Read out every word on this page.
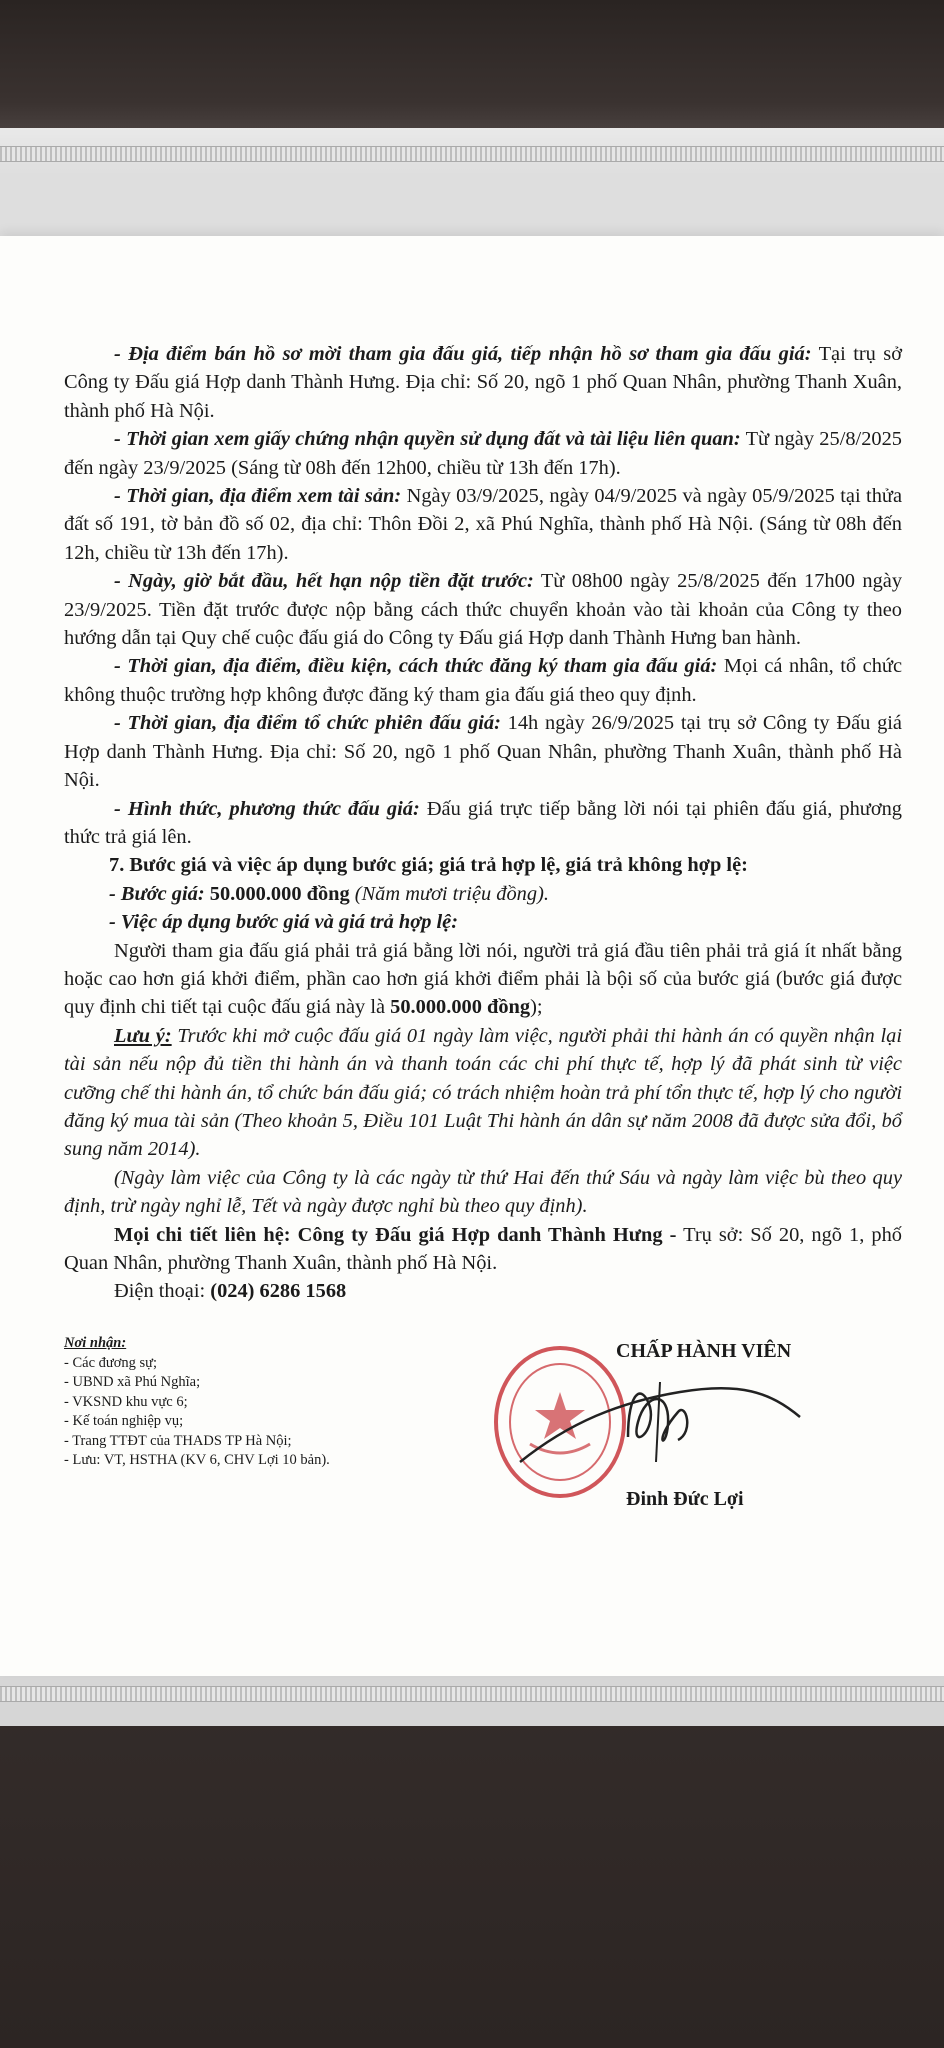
- Địa điểm bán hồ sơ mời tham gia đấu giá, tiếp nhận hồ sơ tham gia đấu giá: Tại trụ sở Công ty Đấu giá Hợp danh Thành Hưng. Địa chỉ: Số 20, ngõ 1 phố Quan Nhân, phường Thanh Xuân, thành phố Hà Nội.

- Thời gian xem giấy chứng nhận quyền sử dụng đất và tài liệu liên quan: Từ ngày 25/8/2025 đến ngày 23/9/2025 (Sáng từ 08h đến 12h00, chiều từ 13h đến 17h).

- Thời gian, địa điểm xem tài sản: Ngày 03/9/2025, ngày 04/9/2025 và ngày 05/9/2025 tại thửa đất số 191, tờ bản đồ số 02, địa chỉ: Thôn Đồi 2, xã Phú Nghĩa, thành phố Hà Nội. (Sáng từ 08h đến 12h, chiều từ 13h đến 17h).

- Ngày, giờ bắt đầu, hết hạn nộp tiền đặt trước: Từ 08h00 ngày 25/8/2025 đến 17h00 ngày 23/9/2025. Tiền đặt trước được nộp bằng cách thức chuyển khoản vào tài khoản của Công ty theo hướng dẫn tại Quy chế cuộc đấu giá do Công ty Đấu giá Hợp danh Thành Hưng ban hành.

- Thời gian, địa điểm, điều kiện, cách thức đăng ký tham gia đấu giá: Mọi cá nhân, tổ chức không thuộc trường hợp không được đăng ký tham gia đấu giá theo quy định.

- Thời gian, địa điểm tổ chức phiên đấu giá: 14h ngày 26/9/2025 tại trụ sở Công ty Đấu giá Hợp danh Thành Hưng. Địa chỉ: Số 20, ngõ 1 phố Quan Nhân, phường Thanh Xuân, thành phố Hà Nội.

- Hình thức, phương thức đấu giá: Đấu giá trực tiếp bằng lời nói tại phiên đấu giá, phương thức trả giá lên.

7. Bước giá và việc áp dụng bước giá; giá trả hợp lệ, giá trả không hợp lệ:

- Bước giá: 50.000.000 đồng (Năm mươi triệu đồng).

- Việc áp dụng bước giá và giá trả hợp lệ:

Người tham gia đấu giá phải trả giá bằng lời nói, người trả giá đầu tiên phải trả giá ít nhất bằng hoặc cao hơn giá khởi điểm, phần cao hơn giá khởi điểm phải là bội số của bước giá (bước giá được quy định chi tiết tại cuộc đấu giá này là 50.000.000 đồng);

Lưu ý: Trước khi mở cuộc đấu giá 01 ngày làm việc, người phải thi hành án có quyền nhận lại tài sản nếu nộp đủ tiền thi hành án và thanh toán các chi phí thực tế, hợp lý đã phát sinh từ việc cưỡng chế thi hành án, tổ chức bán đấu giá; có trách nhiệm hoàn trả phí tổn thực tế, hợp lý cho người đăng ký mua tài sản (Theo khoản 5, Điều 101 Luật Thi hành án dân sự năm 2008 đã được sửa đổi, bổ sung năm 2014).

(Ngày làm việc của Công ty là các ngày từ thứ Hai đến thứ Sáu và ngày làm việc bù theo quy định, trừ ngày nghỉ lễ, Tết và ngày được nghỉ bù theo quy định).

Mọi chi tiết liên hệ: Công ty Đấu giá Hợp danh Thành Hưng - Trụ sở: Số 20, ngõ 1, phố Quan Nhân, phường Thanh Xuân, thành phố Hà Nội.

Điện thoại: (024) 6286 1568

Nơi nhận:
- Các đương sự;
- UBND xã Phú Nghĩa;
- VKSND khu vực 6;
- Kế toán nghiệp vụ;
- Trang TTĐT của THADS TP Hà Nội;
- Lưu: VT, HSTHA (KV 6, CHV Lợi 10 bản).
CHẤP HÀNH VIÊN
Đinh Đức Lợi
